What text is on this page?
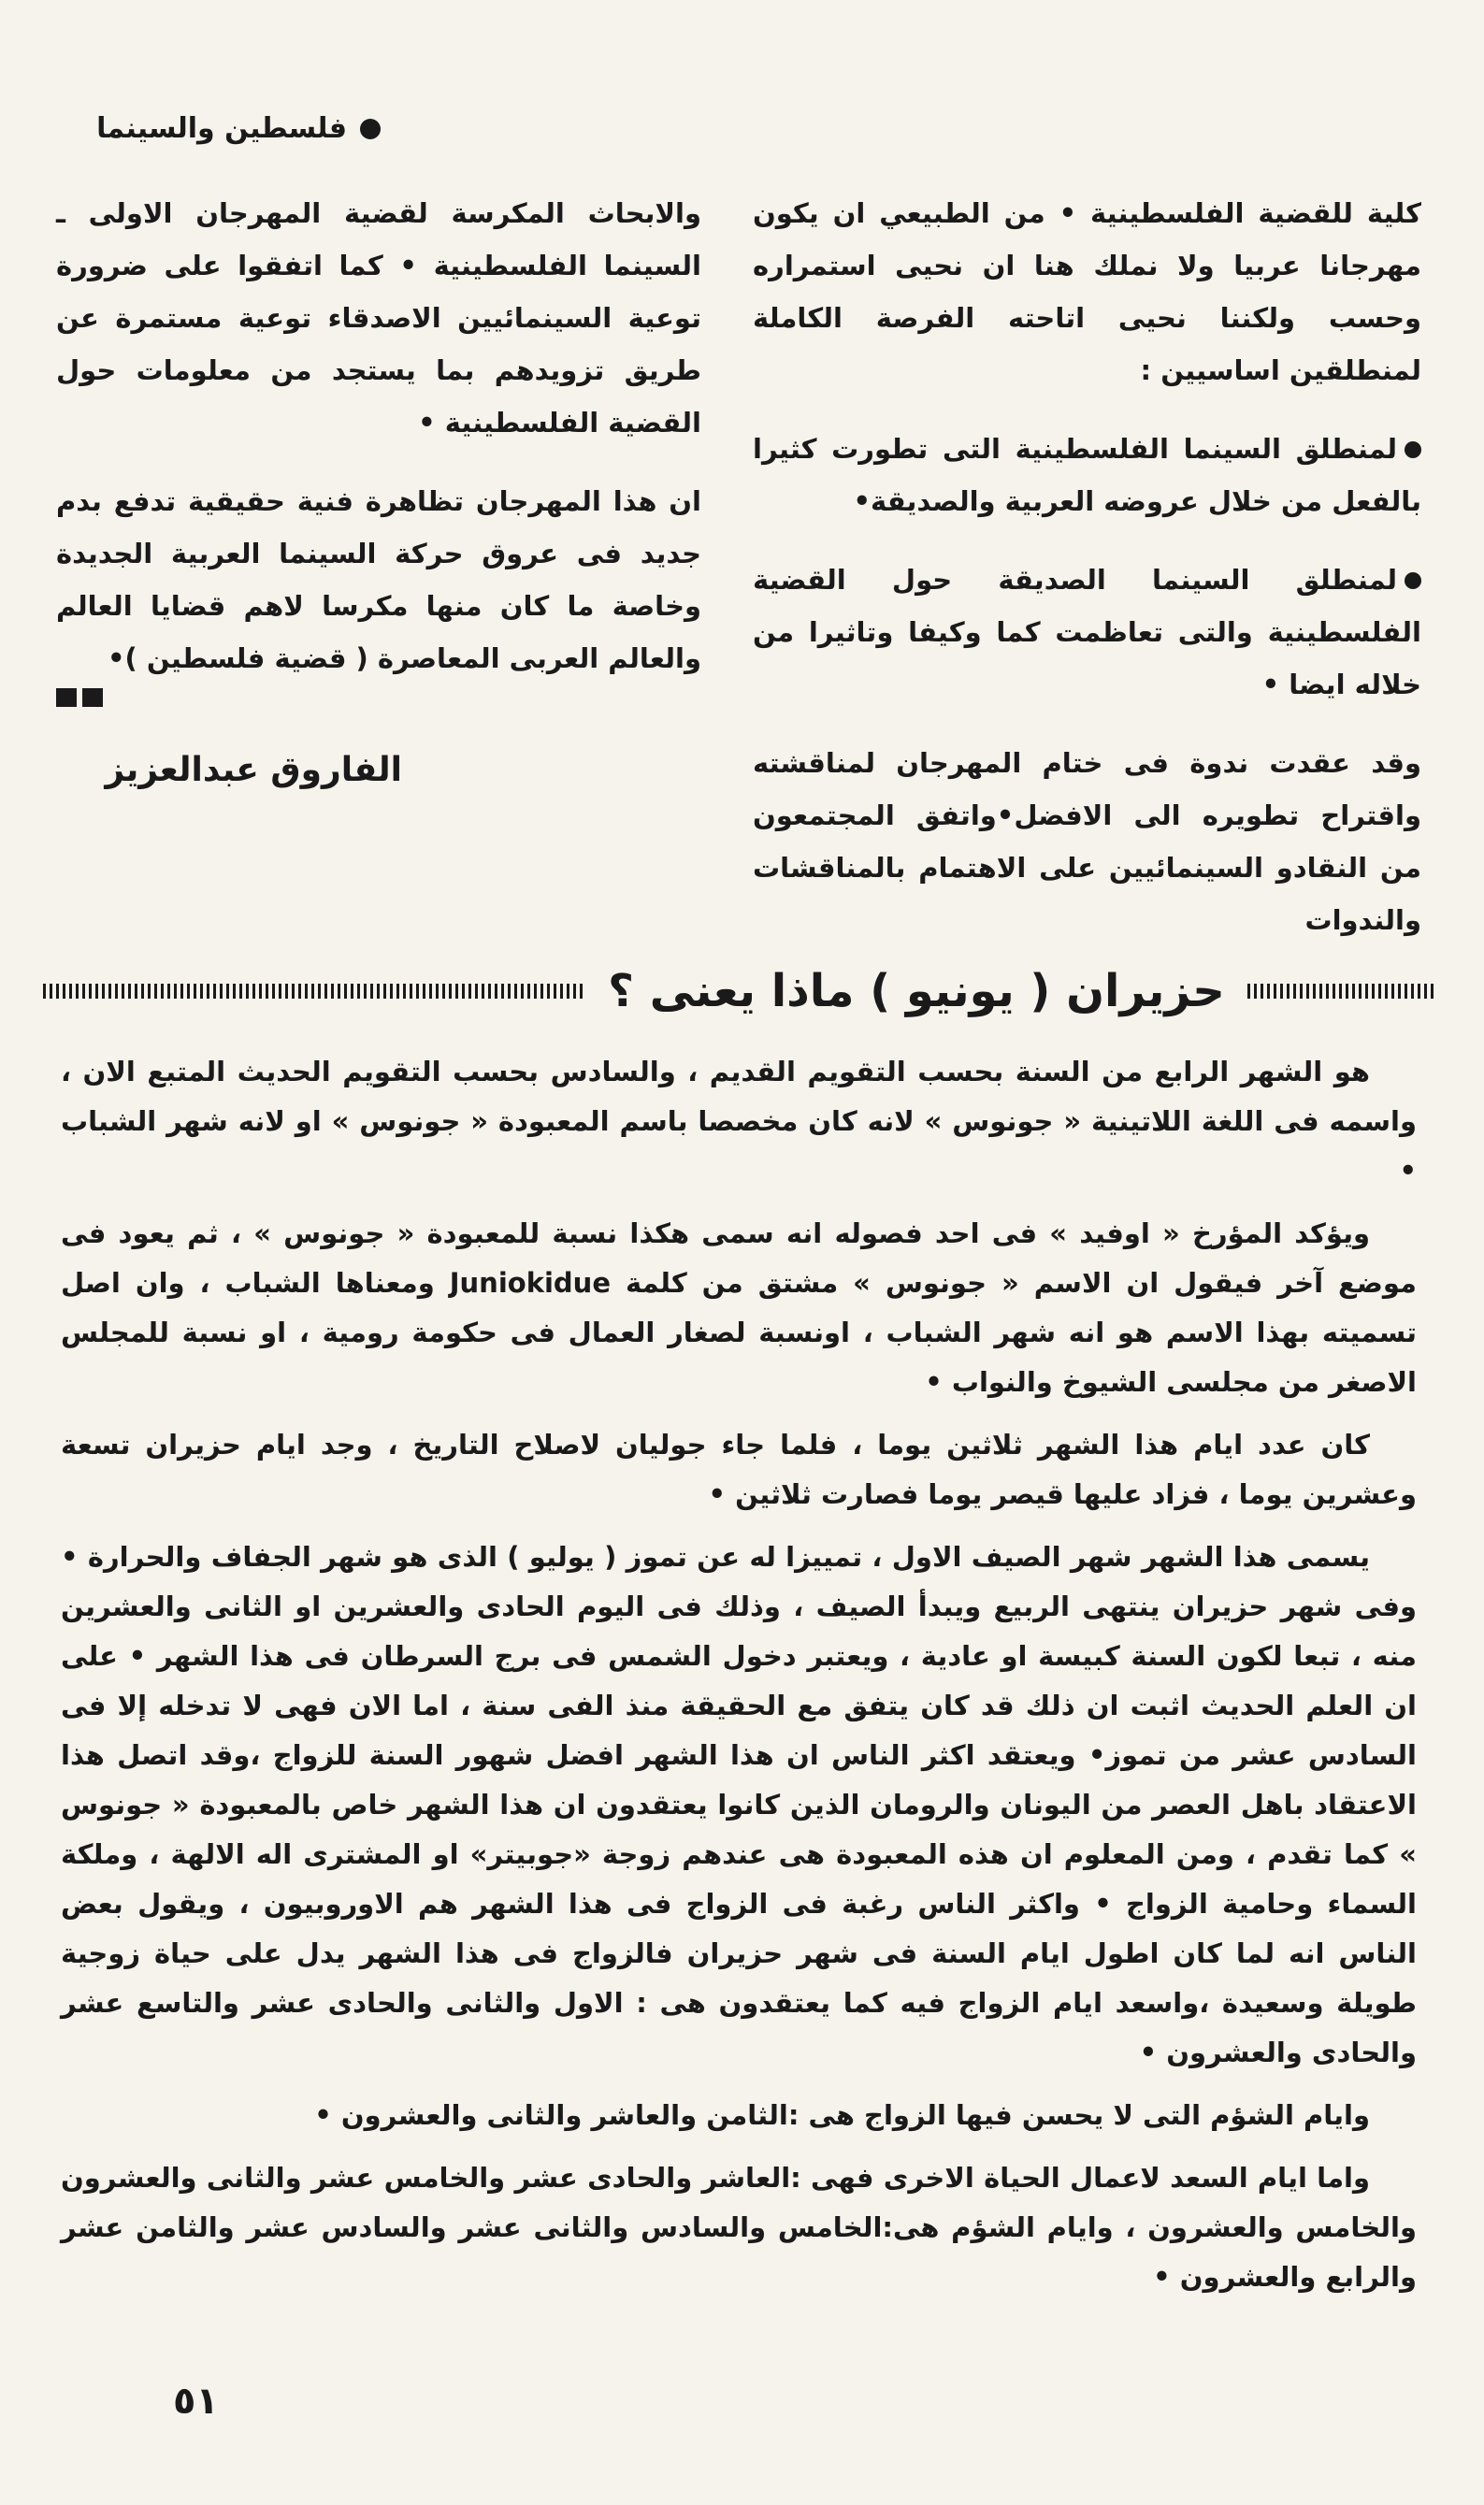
فلسطين والسينما

كلية للقضية الفلسطينية • من الطبيعي ان يكون مهرجانا عربيا ولا نملك هنا ان نحيى استمراره وحسب ولكننا نحيى اتاحته الفرصة الكاملة لمنطلقين اساسيين :

لمنطلق السينما الفلسطينية التى تطورت كثيرا بالفعل من خلال عروضه العربية والصديقة•

لمنطلق السينما الصديقة حول القضية الفلسطينية والتى تعاظمت كما وكيفا وتاثيرا من خلاله ايضا •

وقد عقدت ندوة فى ختام المهرجان لمناقشته واقتراح تطويره الى الافضل•واتفق المجتمعون من النقادو السينمائيين على الاهتمام بالمناقشات والندوات

والابحاث المكرسة لقضية المهرجان الاولى ـ السينما الفلسطينية • كما اتفقوا على ضرورة توعية السينمائيين الاصدقاء توعية مستمرة عن طريق تزويدهم بما يستجد من معلومات حول القضية الفلسطينية •

ان هذا المهرجان تظاهرة فنية حقيقية تدفع بدم جديد فى عروق حركة السينما العربية الجديدة وخاصة ما كان منها مكرسا لاهم قضايا العالم والعالم العربى المعاصرة ( قضية فلسطين )•

الفاروق عبدالعزيز
حزيران ( يونيو ) ماذا يعنى ؟

هو الشهر الرابع من السنة بحسب التقويم القديم ، والسادس بحسب التقويم الحديث المتبع الان ، واسمه فى اللغة اللاتينية « جونوس » لانه كان مخصصا باسم المعبودة « جونوس » او لانه شهر الشباب •

ويؤكد المؤرخ « اوفيد » فى احد فصوله انه سمى هكذا نسبة للمعبودة « جونوس » ، ثم يعود فى موضع آخر فيقول ان الاسم « جونوس » مشتق من كلمة Juniokidue ومعناها الشباب ، وان اصل تسميته بهذا الاسم هو انه شهر الشباب ، اونسبة لصغار العمال فى حكومة رومية ، او نسبة للمجلس الاصغر من مجلسى الشيوخ والنواب •

كان عدد ايام هذا الشهر ثلاثين يوما ، فلما جاء جوليان لاصلاح التاريخ ، وجد ايام حزيران تسعة وعشرين يوما ، فزاد عليها قيصر يوما فصارت ثلاثين •

يسمى هذا الشهر شهر الصيف الاول ، تمييزا له عن تموز ( يوليو ) الذى هو شهر الجفاف والحرارة • وفى شهر حزيران ينتهى الربيع ويبدأ الصيف ، وذلك فى اليوم الحادى والعشرين او الثانى والعشرين منه ، تبعا لكون السنة كبيسة او عادية ، ويعتبر دخول الشمس فى برج السرطان فى هذا الشهر • على ان العلم الحديث اثبت ان ذلك قد كان يتفق مع الحقيقة منذ الفى سنة ، اما الان فهى لا تدخله إلا فى السادس عشر من تموز• ويعتقد اكثر الناس ان هذا الشهر افضل شهور السنة للزواج ،وقد اتصل هذا الاعتقاد باهل العصر من اليونان والرومان الذين كانوا يعتقدون ان هذا الشهر خاص بالمعبودة « جونوس » كما تقدم ، ومن المعلوم ان هذه المعبودة هى عندهم زوجة «جوبيتر» او المشترى اله الالهة ، وملكة السماء وحامية الزواج • واكثر الناس رغبة فى الزواج فى هذا الشهر هم الاوروبيون ، ويقول بعض الناس انه لما كان اطول ايام السنة فى شهر حزيران فالزواج فى هذا الشهر يدل على حياة زوجية طويلة وسعيدة ،واسعد ايام الزواج فيه كما يعتقدون هى : الاول والثانى والحادى عشر والتاسع عشر والحادى والعشرون •

وايام الشؤم التى لا يحسن فيها الزواج هى :الثامن والعاشر والثانى والعشرون •

واما ايام السعد لاعمال الحياة الاخرى فهى :العاشر والحادى عشر والخامس عشر والثانى والعشرون والخامس والعشرون ، وايام الشؤم هى:الخامس والسادس والثانى عشر والسادس عشر والثامن عشر والرابع والعشرون •

٥١
